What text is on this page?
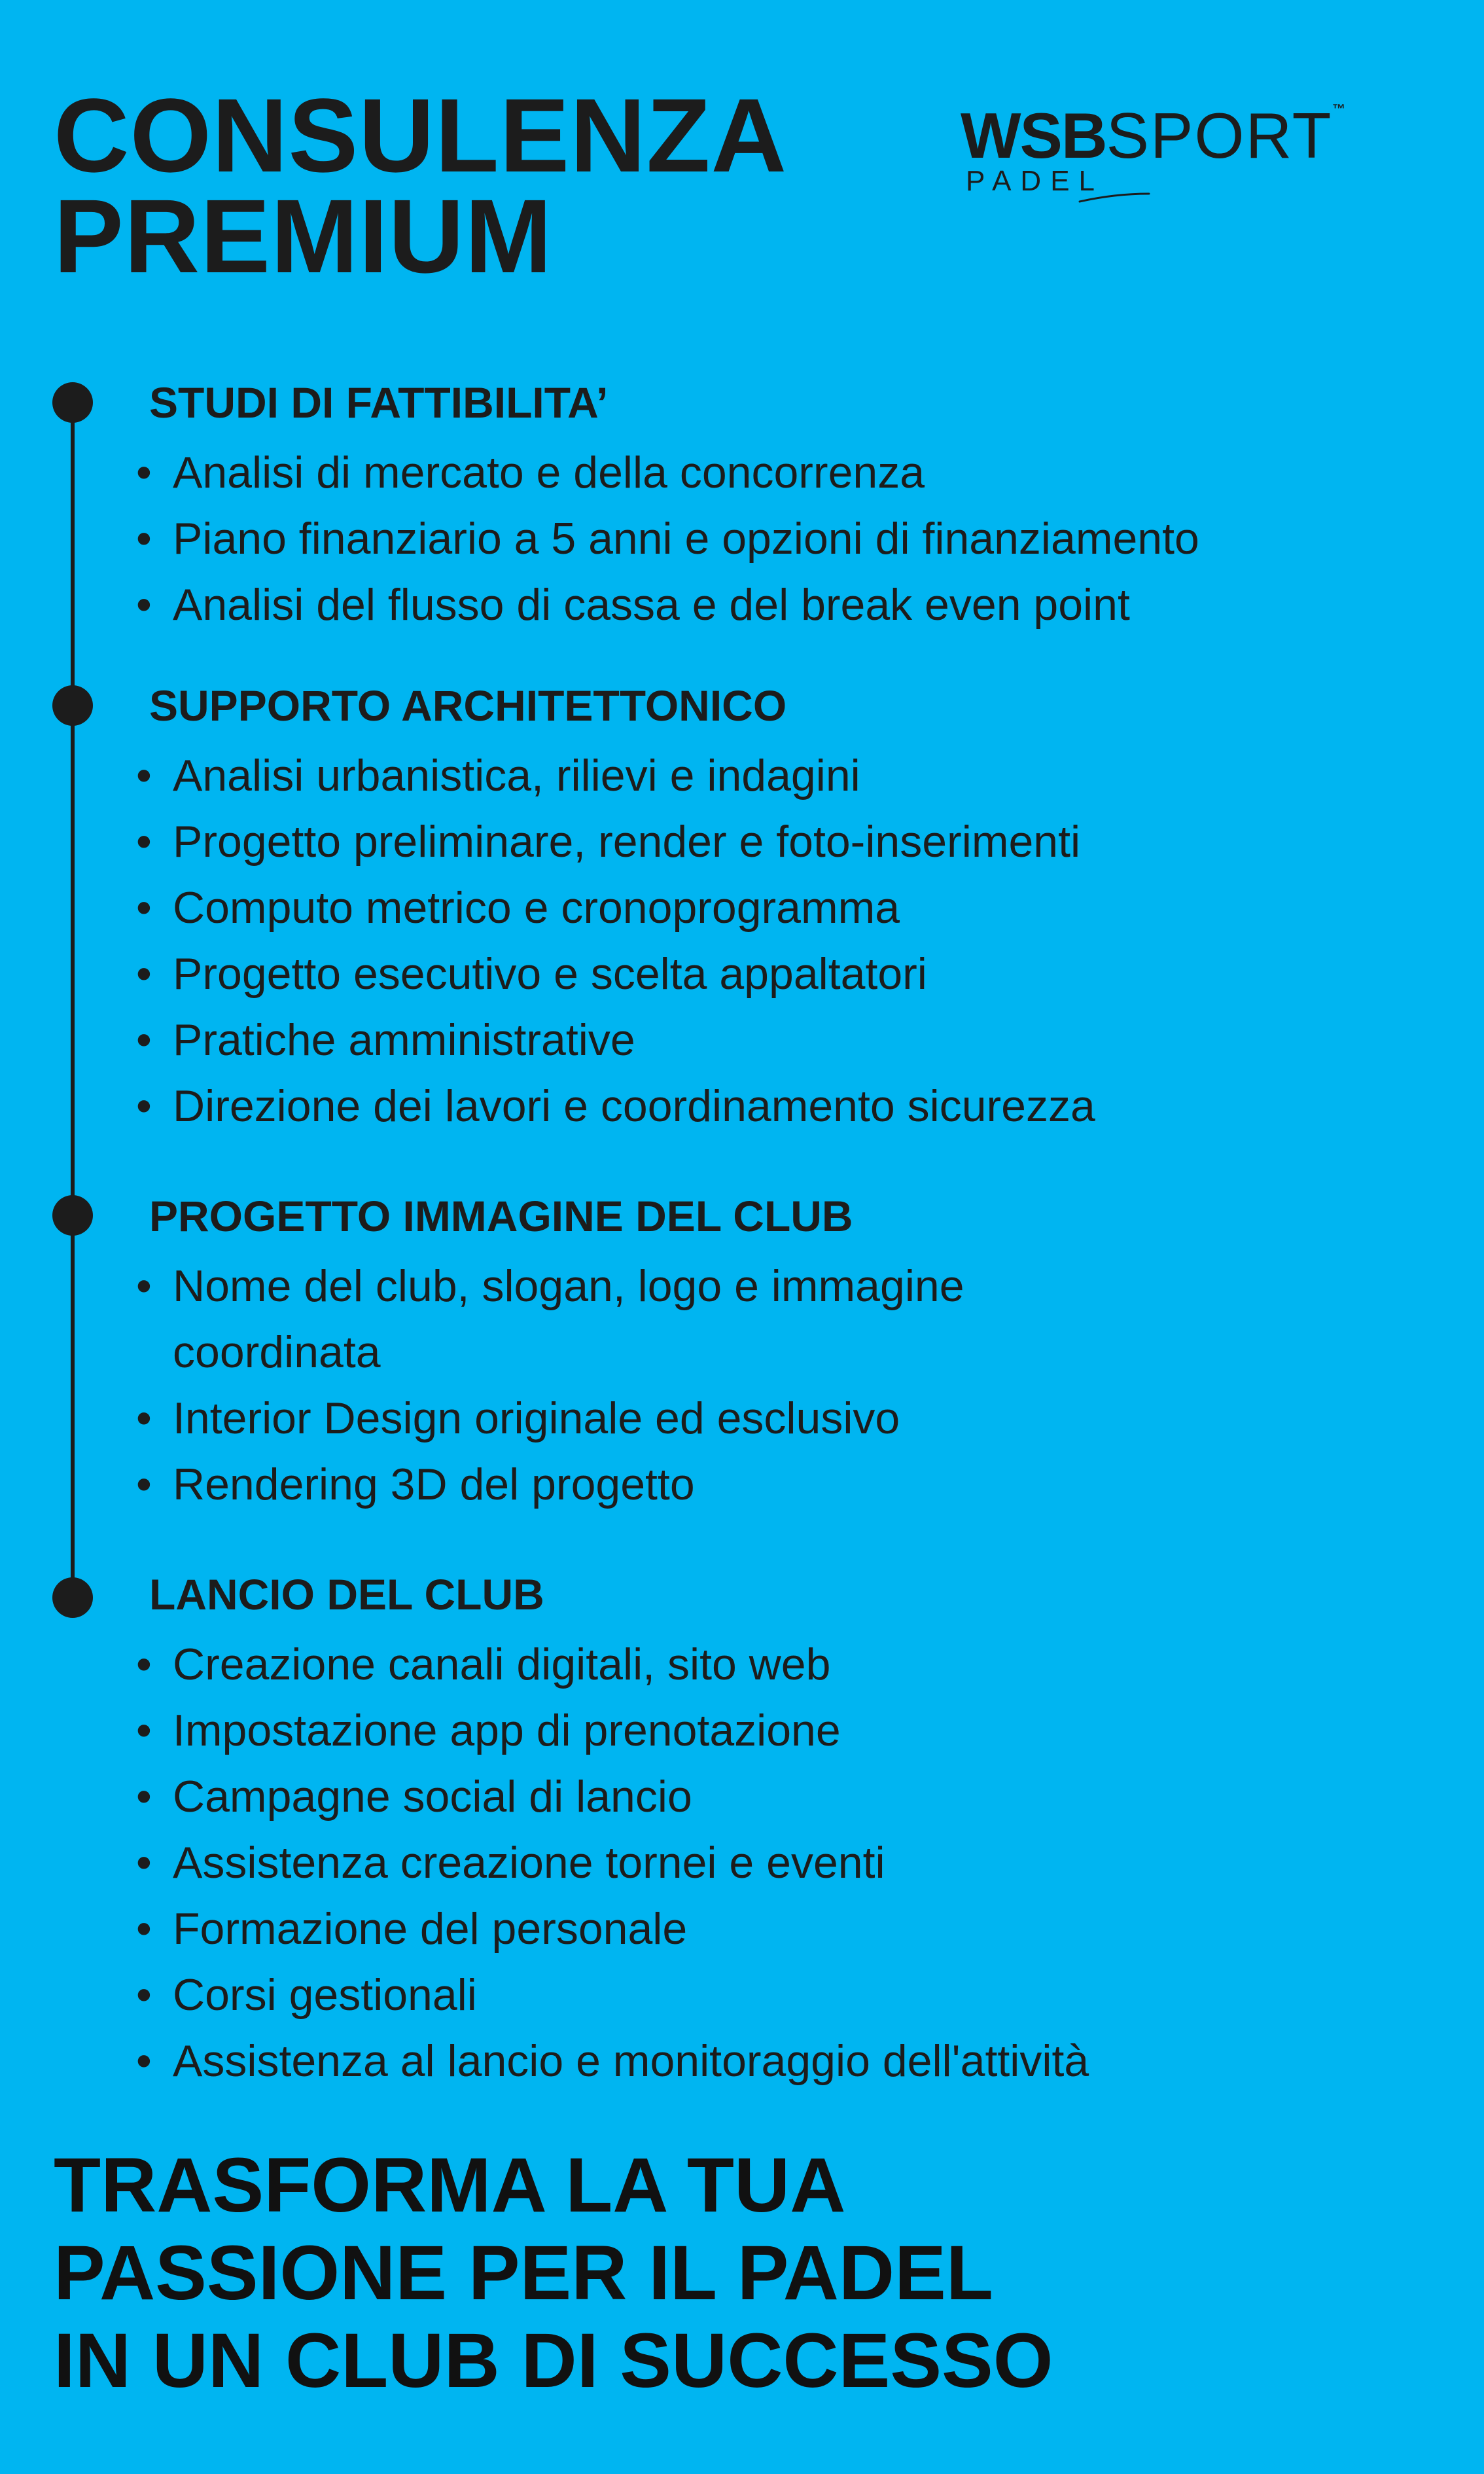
CONSULENZA
PREMIUM
WSBSPORT ™
PADEL
STUDI DI FATTIBILITA’
• Analisi di mercato e della concorrenza
• Piano finanziario a 5 anni e opzioni di finanziamento
• Analisi del flusso di cassa e del break even point
SUPPORTO ARCHITETTONICO
• Analisi urbanistica, rilievi e indagini
• Progetto preliminare, render e foto-inserimenti
• Computo metrico e cronoprogramma
• Progetto esecutivo e scelta appaltatori
• Pratiche amministrative
• Direzione dei lavori e coordinamento sicurezza
PROGETTO IMMAGINE DEL CLUB
• Nome del club, slogan, logo e immagine coordinata
• Interior Design originale ed esclusivo
• Rendering 3D del progetto
LANCIO DEL CLUB
• Creazione canali digitali, sito web
• Impostazione app di prenotazione
• Campagne social di lancio
• Assistenza creazione tornei e eventi
• Formazione del personale
• Corsi gestionali
• Assistenza al lancio e monitoraggio dell'attività
TRASFORMA LA TUA
PASSIONE PER IL PADEL
IN UN CLUB DI SUCCESSO
